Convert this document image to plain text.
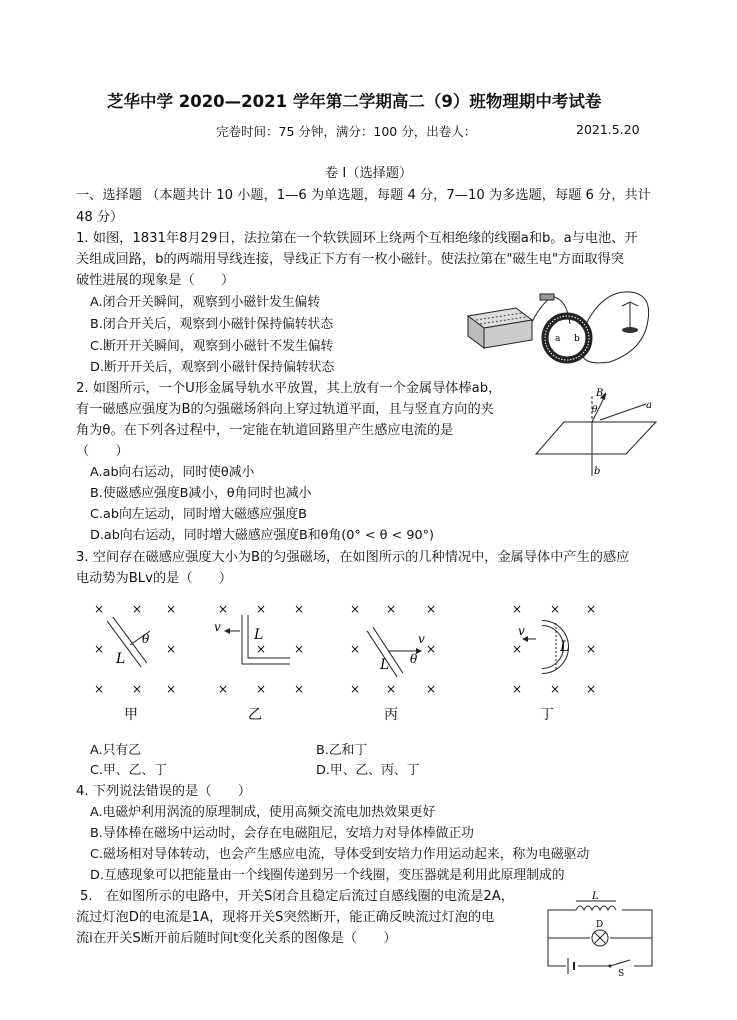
芝华中学 2020—2021 学年第二学期高二（9）班物理期中考试卷
完卷时间：75 分钟，满分：100 分，出卷人：	2021.5.20
卷 I（选择题）
一、选择题 （本题共计 10 小题，1—6 为单选题，每题 4 分，7—10 为多选题，每题 6 分，共计
48 分）
1. 如图，1831年8月29日，法拉第在一个软铁圆环上绕两个互相绝缘的线圈a和b。a与电池、开
关组成回路，b的两端用导线连接，导线正下方有一枚小磁针。使法拉第在"磁生电"方面取得突
破性进展的现象是（　　）
A.闭合开关瞬间，观察到小磁针发生偏转
B.闭合开关后，观察到小磁针保持偏转状态
C.断开开关瞬间，观察到小磁针不发生偏转
D.断开开关后，观察到小磁针保持偏转状态
a b
2. 如图所示，一个U形金属导轨水平放置，其上放有一个金属导体棒ab，
有一磁感应强度为B的匀强磁场斜向上穿过轨道平面，且与竖直方向的夹
角为θ。在下列各过程中，一定能在轨道回路里产生感应电流的是
（　　）
A.ab向右运动，同时使θ减小
B.使磁感应强度B减小，θ角同时也减小
C.ab向左运动，同时增大磁感应强度B
D.ab向右运动，同时增大磁感应强度B和θ角(0° < θ < 90°)
B
θ	a
b
3. 空间存在磁感应强度大小为B的匀强磁场，在如图所示的几种情况中，金属导体中产生的感应
电动势为BLv的是（　　）
× × ×
×	×
× × ×
θ
L
× × ×
× ×
× × ×
v L
× × ×
×	×
× × ×
v
θ
L
× × ×
×	×
× × ×
v
L
甲	乙	丙	丁
A.只有乙	B.乙和丁
C.甲、乙、丁	D.甲、乙、丙、丁
4. 下列说法错误的是（　　）
A.电磁炉利用涡流的原理制成，使用高频交流电加热效果更好
B.导体棒在磁场中运动时，会存在电磁阻尼，安培力对导体棒做正功
C.磁场相对导体转动，也会产生感应电流，导体受到安培力作用运动起来，称为电磁驱动
D.互感现象可以把能量由一个线圈传递到另一个线圈，变压器就是利用此原理制成的
5.　在如图所示的电路中，开关S闭合且稳定后流过自感线圈的电流是2A，
流过灯泡D的电流是1A，现将开关S突然断开，能正确反映流过灯泡的电
流i在开关S断开前后随时间t变化关系的图像是（　　）
L
D
S
